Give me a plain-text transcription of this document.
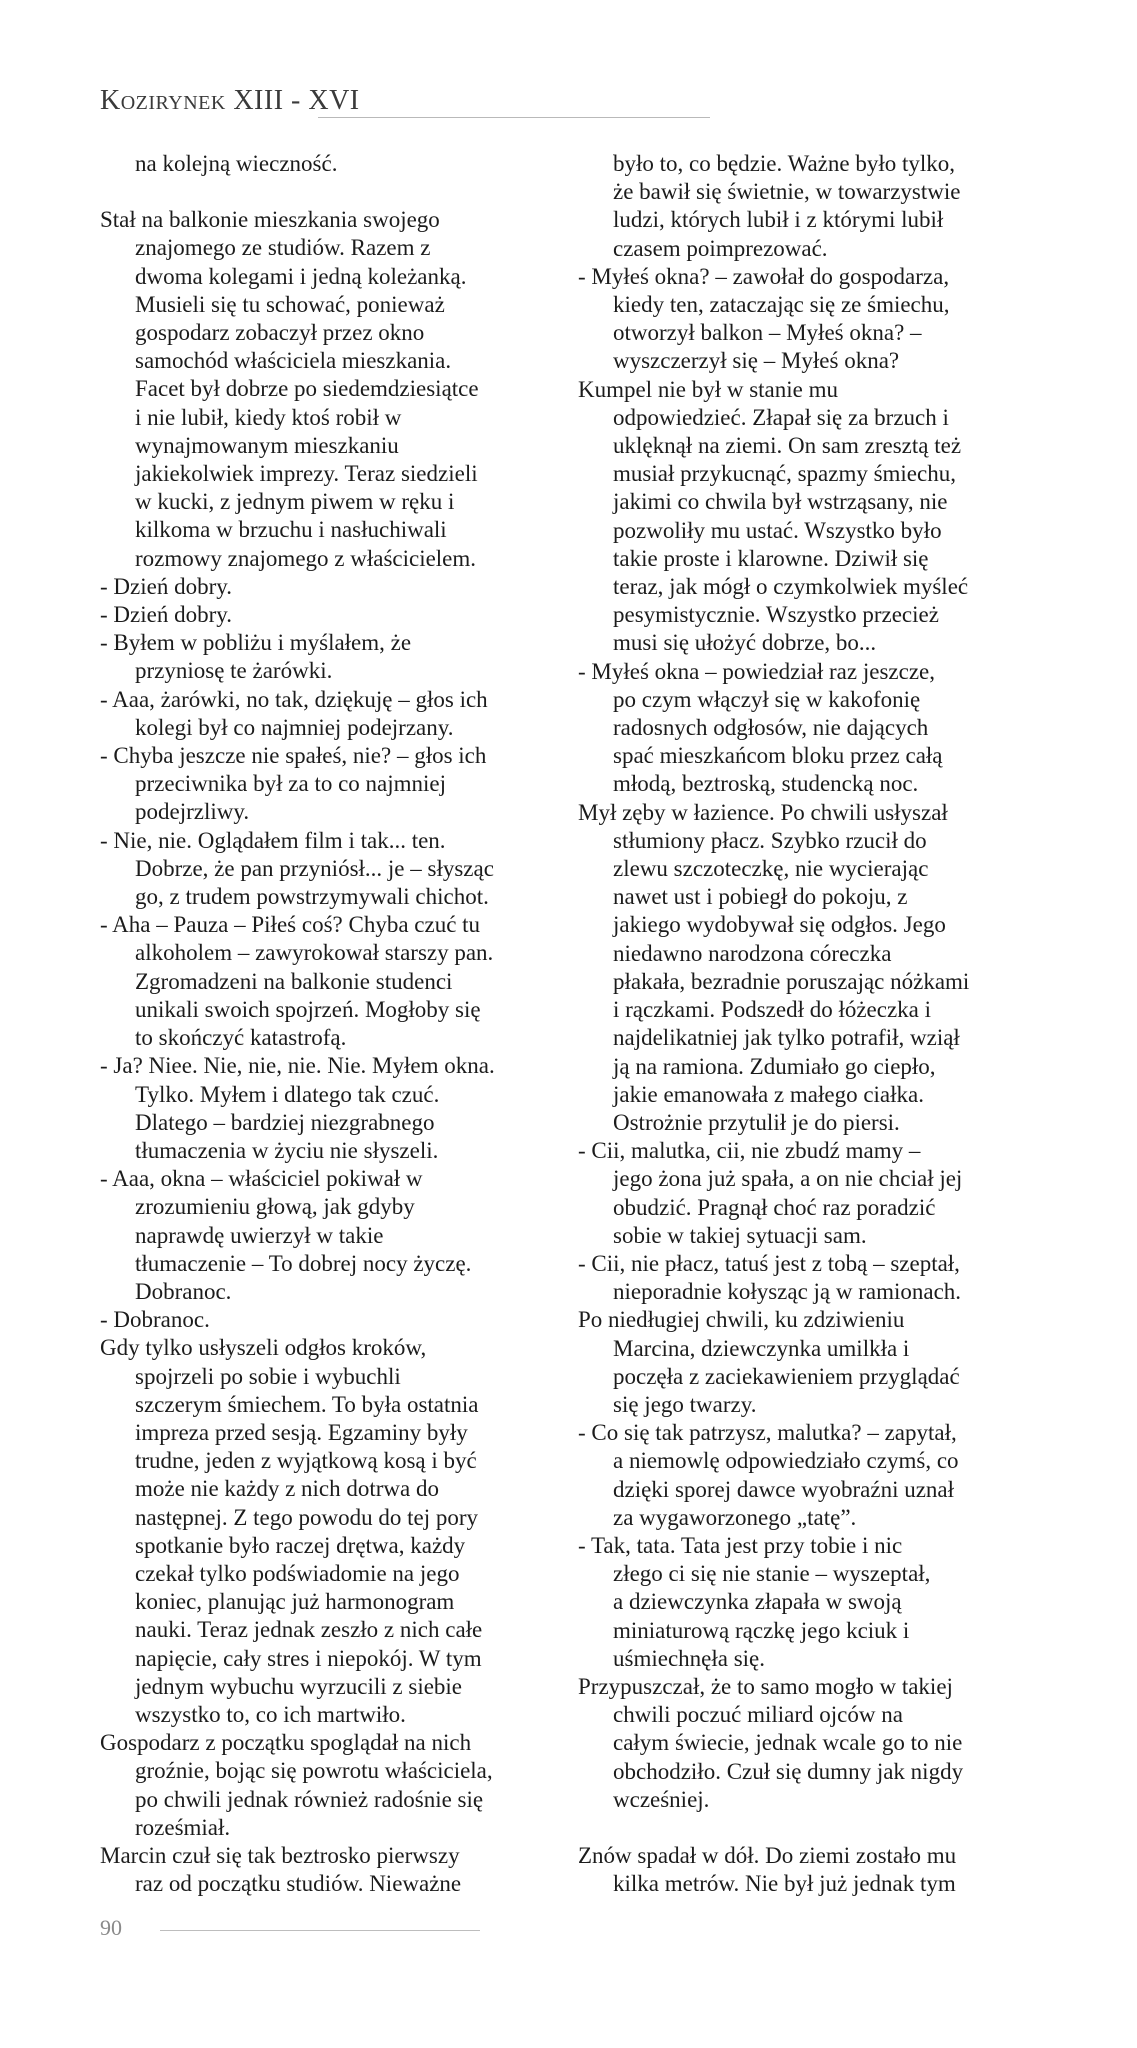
Kozirynek XIII - XVI

na kolejną wieczność.

Stał na balkonie mieszkania swojego
znajomego ze studiów. Razem z
dwoma kolegami i jedną koleżanką.
Musieli się tu schować, ponieważ
gospodarz zobaczył przez okno
samochód właściciela mieszkania.
Facet był dobrze po siedemdziesiątce
i nie lubił, kiedy ktoś robił w
wynajmowanym mieszkaniu
jakiekolwiek imprezy. Teraz siedzieli
w kucki, z jednym piwem w ręku i
kilkoma w brzuchu i nasłuchiwali
rozmowy znajomego z właścicielem.

- Dzień dobry.

- Dzień dobry.

- Byłem w pobliżu i myślałem, że
przyniosę te żarówki.

- Aaa, żarówki, no tak, dziękuję – głos ich
kolegi był co najmniej podejrzany.

- Chyba jeszcze nie spałeś, nie? – głos ich
przeciwnika był za to co najmniej
podejrzliwy.

- Nie, nie. Oglądałem film i tak... ten.
Dobrze, że pan przyniósł... je – słysząc
go, z trudem powstrzymywali chichot.

- Aha – Pauza – Piłeś coś? Chyba czuć tu
alkoholem – zawyrokował starszy pan.
Zgromadzeni na balkonie studenci
unikali swoich spojrzeń. Mogłoby się
to skończyć katastrofą.

- Ja? Niee. Nie, nie, nie. Nie. Myłem okna.
Tylko. Myłem i dlatego tak czuć.
Dlatego – bardziej niezgrabnego
tłumaczenia w życiu nie słyszeli.

- Aaa, okna – właściciel pokiwał w
zrozumieniu głową, jak gdyby
naprawdę uwierzył w takie
tłumaczenie – To dobrej nocy życzę.
Dobranoc.

- Dobranoc.

Gdy tylko usłyszeli odgłos kroków,
spojrzeli po sobie i wybuchli
szczerym śmiechem. To była ostatnia
impreza przed sesją. Egzaminy były
trudne, jeden z wyjątkową kosą i być
może nie każdy z nich dotrwa do
następnej. Z tego powodu do tej pory
spotkanie było raczej drętwa, każdy
czekał tylko podświadomie na jego
koniec, planując już harmonogram
nauki. Teraz jednak zeszło z nich całe
napięcie, cały stres i niepokój. W tym
jednym wybuchu wyrzucili z siebie
wszystko to, co ich martwiło.

Gospodarz z początku spoglądał na nich
groźnie, bojąc się powrotu właściciela,
po chwili jednak również radośnie się
roześmiał.

Marcin czuł się tak beztrosko pierwszy
raz od początku studiów. Nieważne

było to, co będzie. Ważne było tylko,
że bawił się świetnie, w towarzystwie
ludzi, których lubił i z którymi lubił
czasem poimprezować.

- Myłeś okna? – zawołał do gospodarza,
kiedy ten, zataczając się ze śmiechu,
otworzył balkon – Myłeś okna? –
wyszczerzył się – Myłeś okna?

Kumpel nie był w stanie mu
odpowiedzieć. Złapał się za brzuch i
uklęknął na ziemi. On sam zresztą też
musiał przykucnąć, spazmy śmiechu,
jakimi co chwila był wstrząsany, nie
pozwoliły mu ustać. Wszystko było
takie proste i klarowne. Dziwił się
teraz, jak mógł o czymkolwiek myśleć
pesymistycznie. Wszystko przecież
musi się ułożyć dobrze, bo...

- Myłeś okna – powiedział raz jeszcze,
po czym włączył się w kakofonię
radosnych odgłosów, nie dających
spać mieszkańcom bloku przez całą
młodą, beztroską, studencką noc.

Mył zęby w łazience. Po chwili usłyszał
stłumiony płacz. Szybko rzucił do
zlewu szczoteczkę, nie wycierając
nawet ust i pobiegł do pokoju, z
jakiego wydobywał się odgłos. Jego
niedawno narodzona córeczka
płakała, bezradnie poruszając nóżkami
i rączkami. Podszedł do łóżeczka i
najdelikatniej jak tylko potrafił, wziął
ją na ramiona. Zdumiało go ciepło,
jakie emanowała z małego ciałka.
Ostrożnie przytulił je do piersi.

- Cii, malutka, cii, nie zbudź mamy –
jego żona już spała, a on nie chciał jej
obudzić. Pragnął choć raz poradzić
sobie w takiej sytuacji sam.

- Cii, nie płacz, tatuś jest z tobą – szeptał,
nieporadnie kołysząc ją w ramionach.

Po niedługiej chwili, ku zdziwieniu
Marcina, dziewczynka umilkła i
poczęła z zaciekawieniem przyglądać
się jego twarzy.

- Co się tak patrzysz, malutka? – zapytał,
a niemowlę odpowiedziało czymś, co
dzięki sporej dawce wyobraźni uznał
za wygaworzonego „tatę”.

- Tak, tata. Tata jest przy tobie i nic
złego ci się nie stanie – wyszeptał,
a dziewczynka złapała w swoją
miniaturową rączkę jego kciuk i
uśmiechnęła się.

Przypuszczał, że to samo mogło w takiej
chwili poczuć miliard ojców na
całym świecie, jednak wcale go to nie
obchodziło. Czuł się dumny jak nigdy
wcześniej.

Znów spadał w dół. Do ziemi zostało mu
kilka metrów. Nie był już jednak tym

90
